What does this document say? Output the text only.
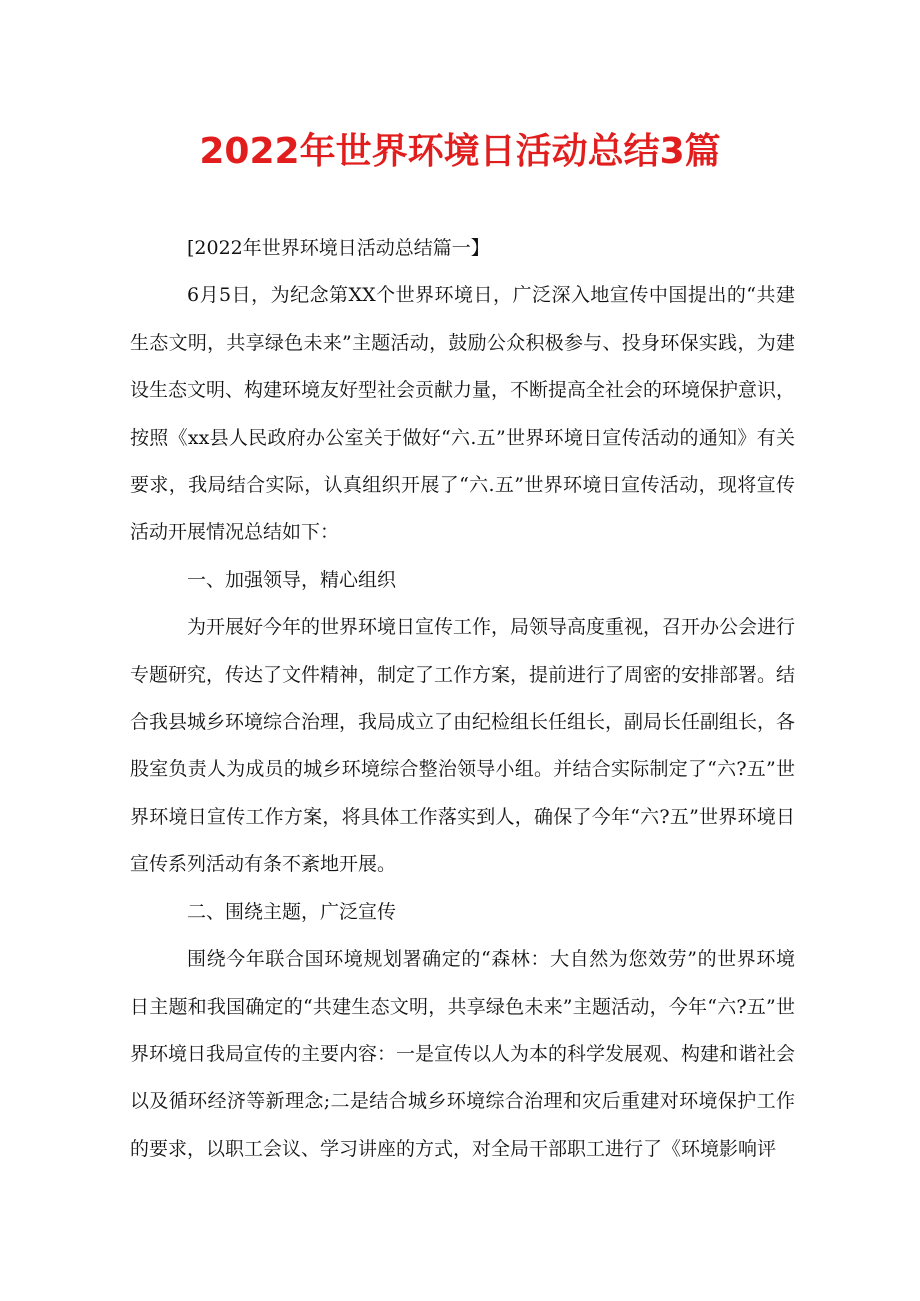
2022年世界环境日活动总结3篇

[2022年世界环境日活动总结篇一】

6月5日，为纪念第XX个世界环境日，广泛深入地宣传中国提出的“共建生态文明，共享绿色未来”主题活动，鼓励公众积极参与、投身环保实践，为建设生态文明、构建环境友好型社会贡献力量，不断提高全社会的环境保护意识，按照《xx县人民政府办公室关于做好“六.五”世界环境日宣传活动的通知》有关要求，我局结合实际，认真组织开展了“六.五”世界环境日宣传活动，现将宣传活动开展情况总结如下：

一、加强领导，精心组织

为开展好今年的世界环境日宣传工作，局领导高度重视，召开办公会进行专题研究，传达了文件精神，制定了工作方案，提前进行了周密的安排部署。结合我县城乡环境综合治理，我局成立了由纪检组长任组长，副局长任副组长，各股室负责人为成员的城乡环境综合整治领导小组。并结合实际制定了“六?五”世界环境日宣传工作方案，将具体工作落实到人，确保了今年“六?五”世界环境日宣传系列活动有条不紊地开展。

二、围绕主题，广泛宣传

围绕今年联合国环境规划署确定的“森林：大自然为您效劳”的世界环境日主题和我国确定的“共建生态文明，共享绿色未来”主题活动，今年“六?五”世界环境日我局宣传的主要内容：一是宣传以人为本的科学发展观、构建和谐社会以及循环经济等新理念;二是结合城乡环境综合治理和灾后重建对环境保护工作的要求，以职工会议、学习讲座的方式，对全局干部职工进行了《环境影响评
